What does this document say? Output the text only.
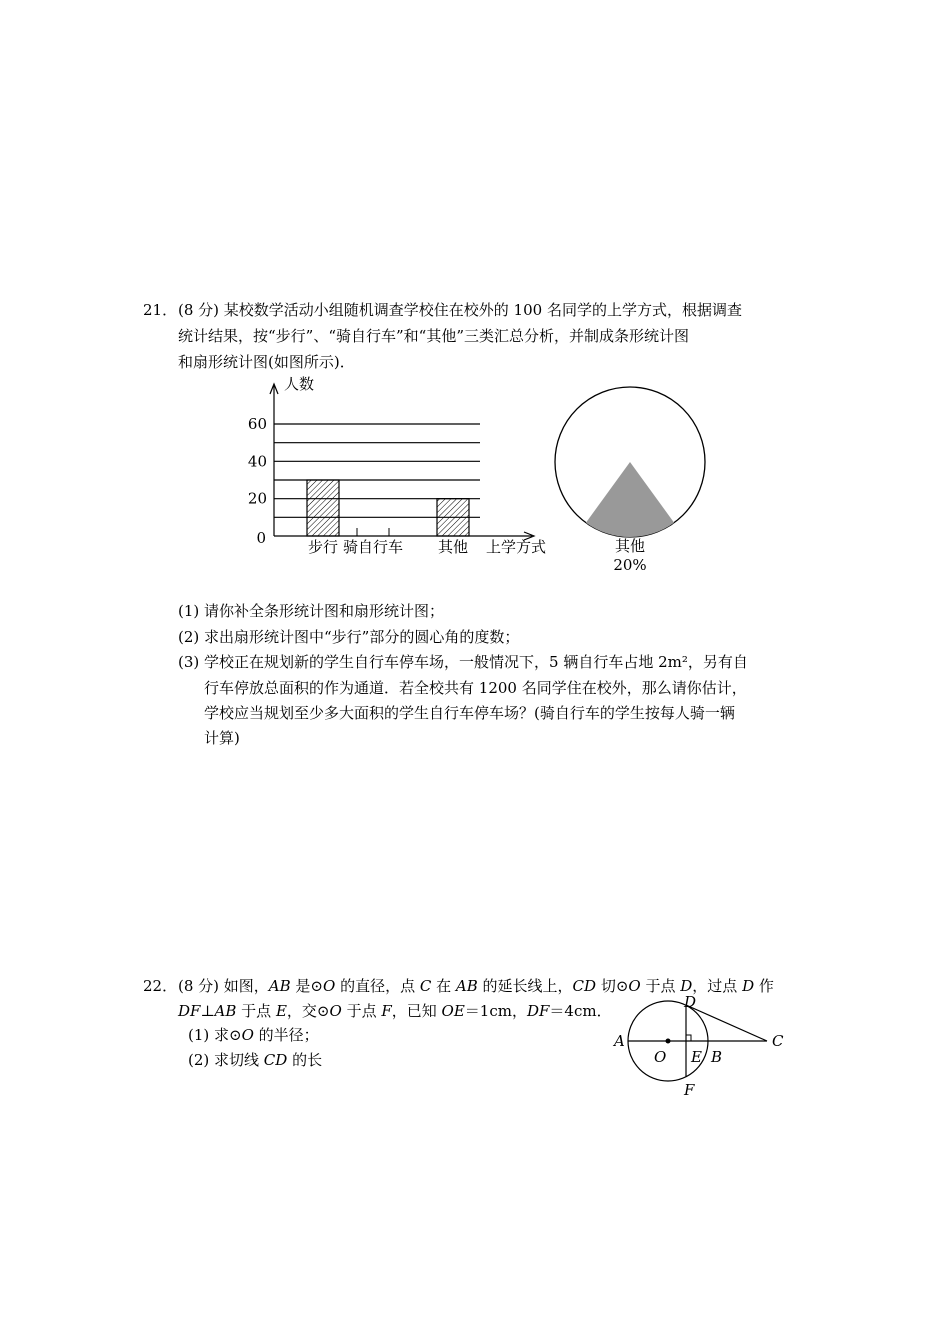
21． (8 分) 某校数学活动小组随机调查学校住在校外的 100 名同学的上学方式，根据调查
统计结果，按“步行”、“骑自行车”和“其他”三类汇总分析，并制成条形统计图
和扇形统计图(如图所示)．
人数
上学方式
0
20
40
60
步行 骑自行车 其他	其他
20%
(1) 请你补全条形统计图和扇形统计图；
(2) 求出扇形统计图中“步行”部分的圆心角的度数；
(3) 学校正在规划新的学生自行车停车场，一般情况下，5 辆自行车占地 2m²，另有自
行车停放总面积的作为通道．若全校共有 1200 名同学住在校外，那么请你估计，
学校应当规划至少多大面积的学生自行车停车场？(骑自行车的学生按每人骑一辆
计算)
22． (8 分) 如图，AB 是⊙O 的直径，点 C 在 AB 的延长线上，CD 切⊙O 于点 D，过点 D 作
DF⊥AB 于点 E，交⊙O 于点 F，已知 OE＝1cm，DF＝4cm．
(1) 求⊙O 的半径；
(2) 求切线 CD 的长
A
O E B
C
D
F
